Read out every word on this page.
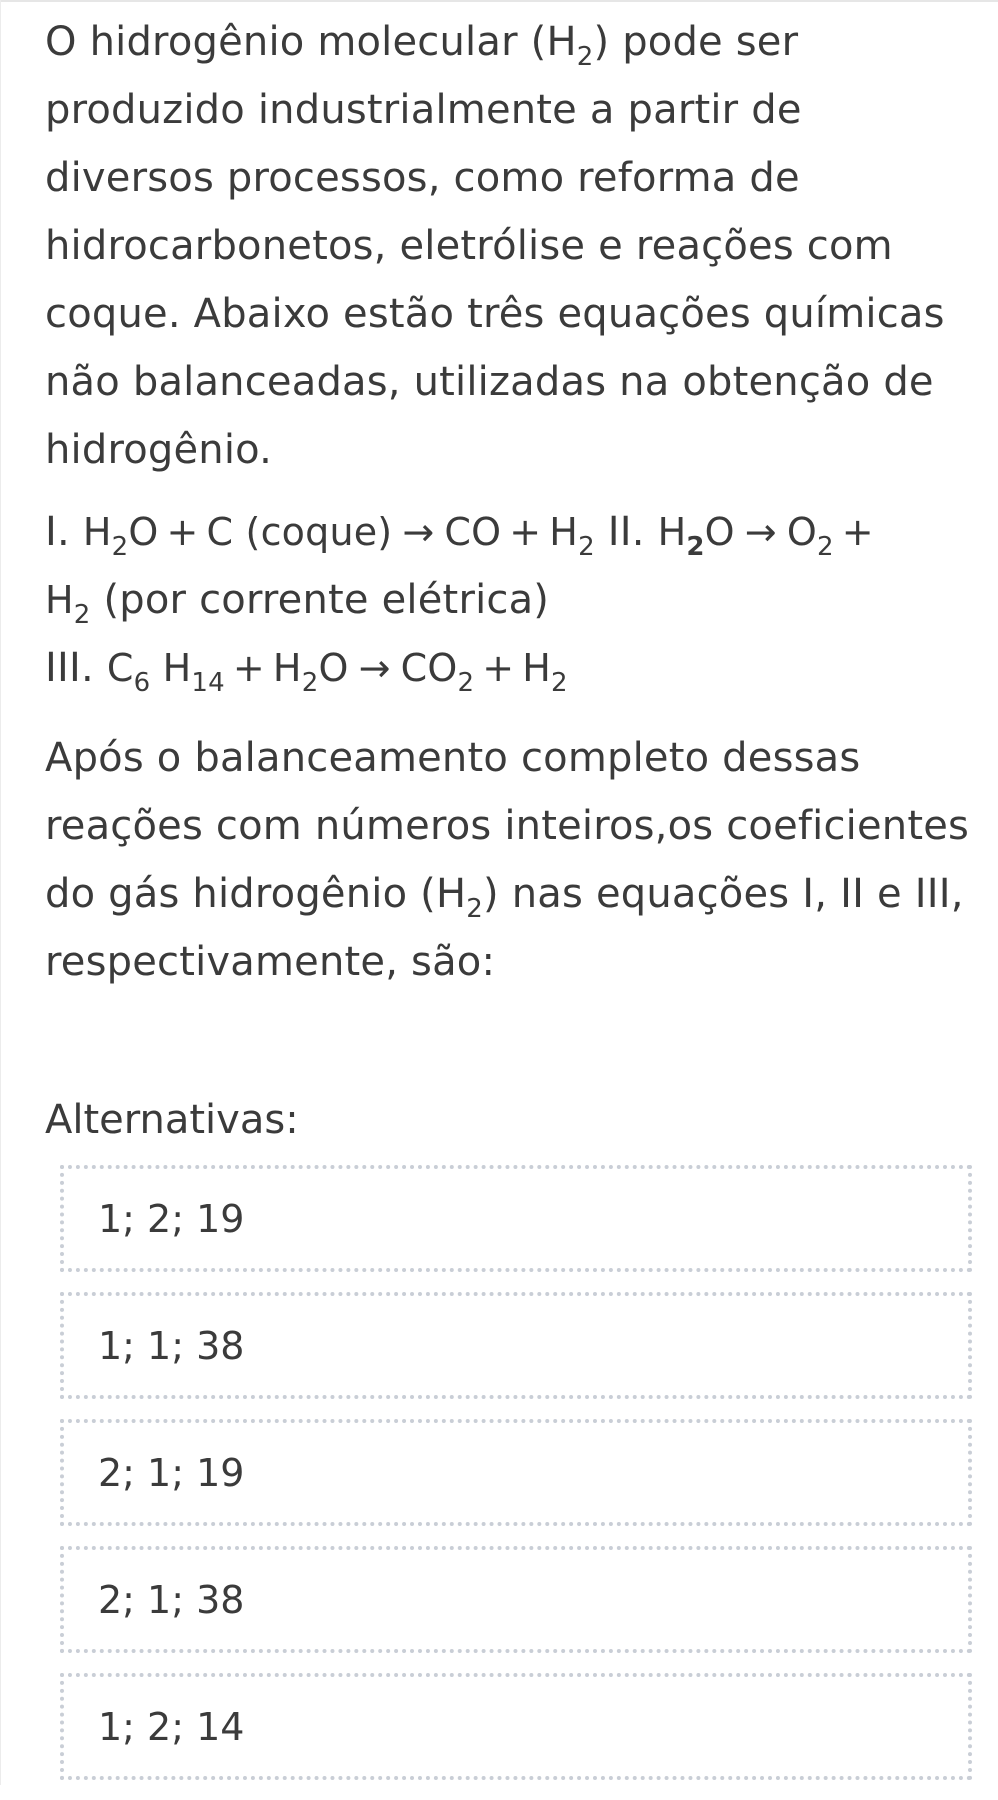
O hidrogênio molecular $(H_2)$ pode ser produzido industrialmente a partir de diversos processos, como reforma de hidrocarbonetos, eletrólise e reações com coque. Abaixo estão três equações químicas não balanceadas, utilizadas na obtenção de hidrogênio.

I. $H_2O + C$ (coque) → CO + $H_2$ II. $H_2O \to O_2$ +
$H_2$ (por corrente elétrica)
III. $C_6$ $H_{14} + H_2O \to CO_2 + H_2$

Após o balanceamento completo dessas reações com números inteiros,os coeficientes do gás hidrogênio $(H_2)$ nas equações I, II e III, respectivamente, são:

Alternativas:
1; 2; 19
1; 1; 38
2; 1; 19
2; 1; 38
1; 2; 14
